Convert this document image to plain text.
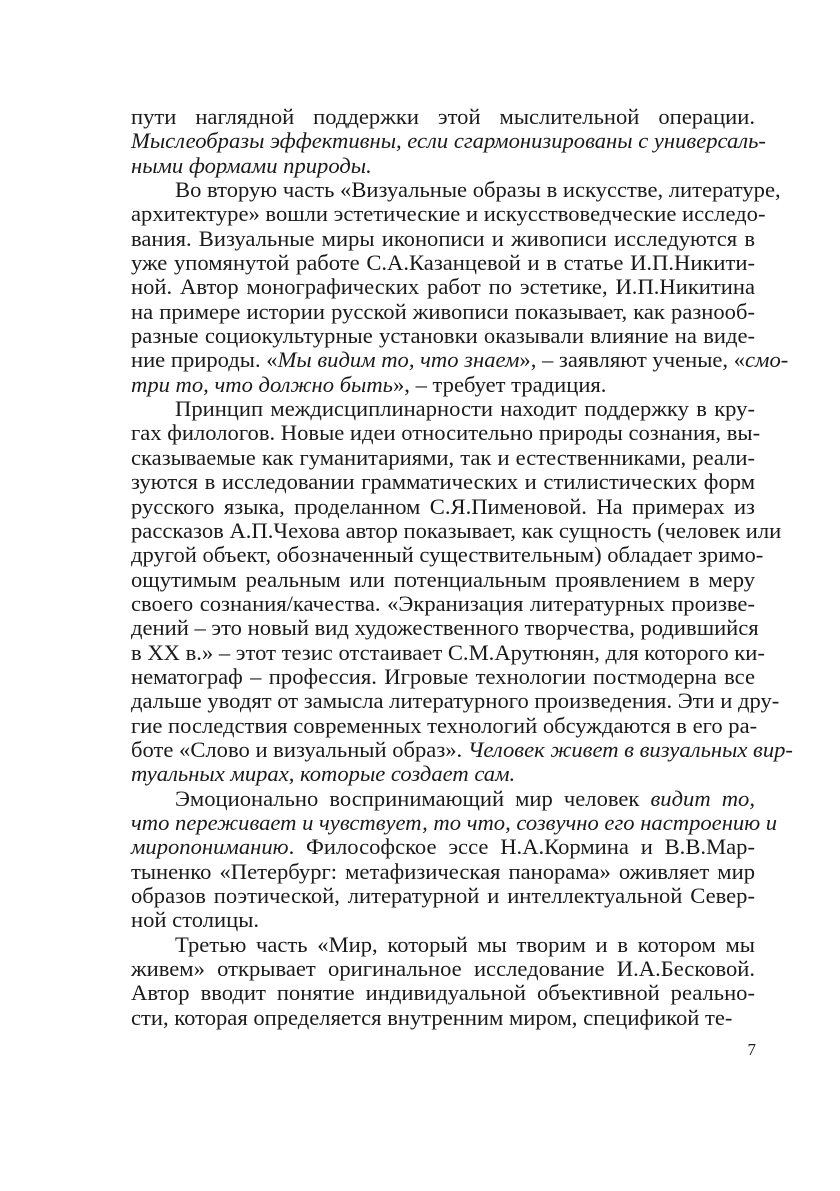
пути наглядной поддержки этой мыслительной операции.
Мыслеобразы эффективны, если сгармонизированы с универсаль-
ными формами природы.
Во вторую часть «Визуальные образы в искусстве, литературе,
архитектуре» вошли эстетические и искусствоведческие исследо-
вания. Визуальные миры иконописи и живописи исследуются в
уже упомянутой работе С.А.Казанцевой и в статье И.П.Никити-
ной. Автор монографических работ по эстетике, И.П.Никитина
на примере истории русской живописи показывает, как разнооб-
разные социокультурные установки оказывали влияние на виде-
ние природы. «Мы видим то, что знаем», – заявляют ученые, «смо-
три то, что должно быть», – требует традиция.
Принцип междисциплинарности находит поддержку в кру-
гах филологов. Новые идеи относительно природы сознания, вы-
сказываемые как гуманитариями, так и естественниками, реали-
зуются в исследовании грамматических и стилистических форм
русского языка, проделанном С.Я.Пименовой. На примерах из
рассказов А.П.Чехова автор показывает, как сущность (человек или
другой объект, обозначенный существительным) обладает зримо-
ощутимым реальным или потенциальным проявлением в меру
своего сознания/качества. «Экранизация литературных произве-
дений – это новый вид художественного творчества, родившийся
в XX в.» – этот тезис отстаивает С.М.Арутюнян, для которого ки-
нематограф – профессия. Игровые технологии постмодерна все
дальше уводят от замысла литературного произведения. Эти и дру-
гие последствия современных технологий обсуждаются в его ра-
боте «Слово и визуальный образ». Человек живет в визуальных вир-
туальных мирах, которые создает сам.
Эмоционально воспринимающий мир человек видит то,
что переживает и чувствует, то что, созвучно его настроению и
миропониманию. Философское эссе Н.А.Кормина и В.В.Мар-
тыненко «Петербург: метафизическая панорама» оживляет мир
образов поэтической, литературной и интеллектуальной Север-
ной столицы.
Третью часть «Мир, который мы творим и в котором мы
живем» открывает оригинальное исследование И.А.Бесковой.
Автор вводит понятие индивидуальной объективной реально-
сти, которая определяется внутренним миром, спецификой те-
7
